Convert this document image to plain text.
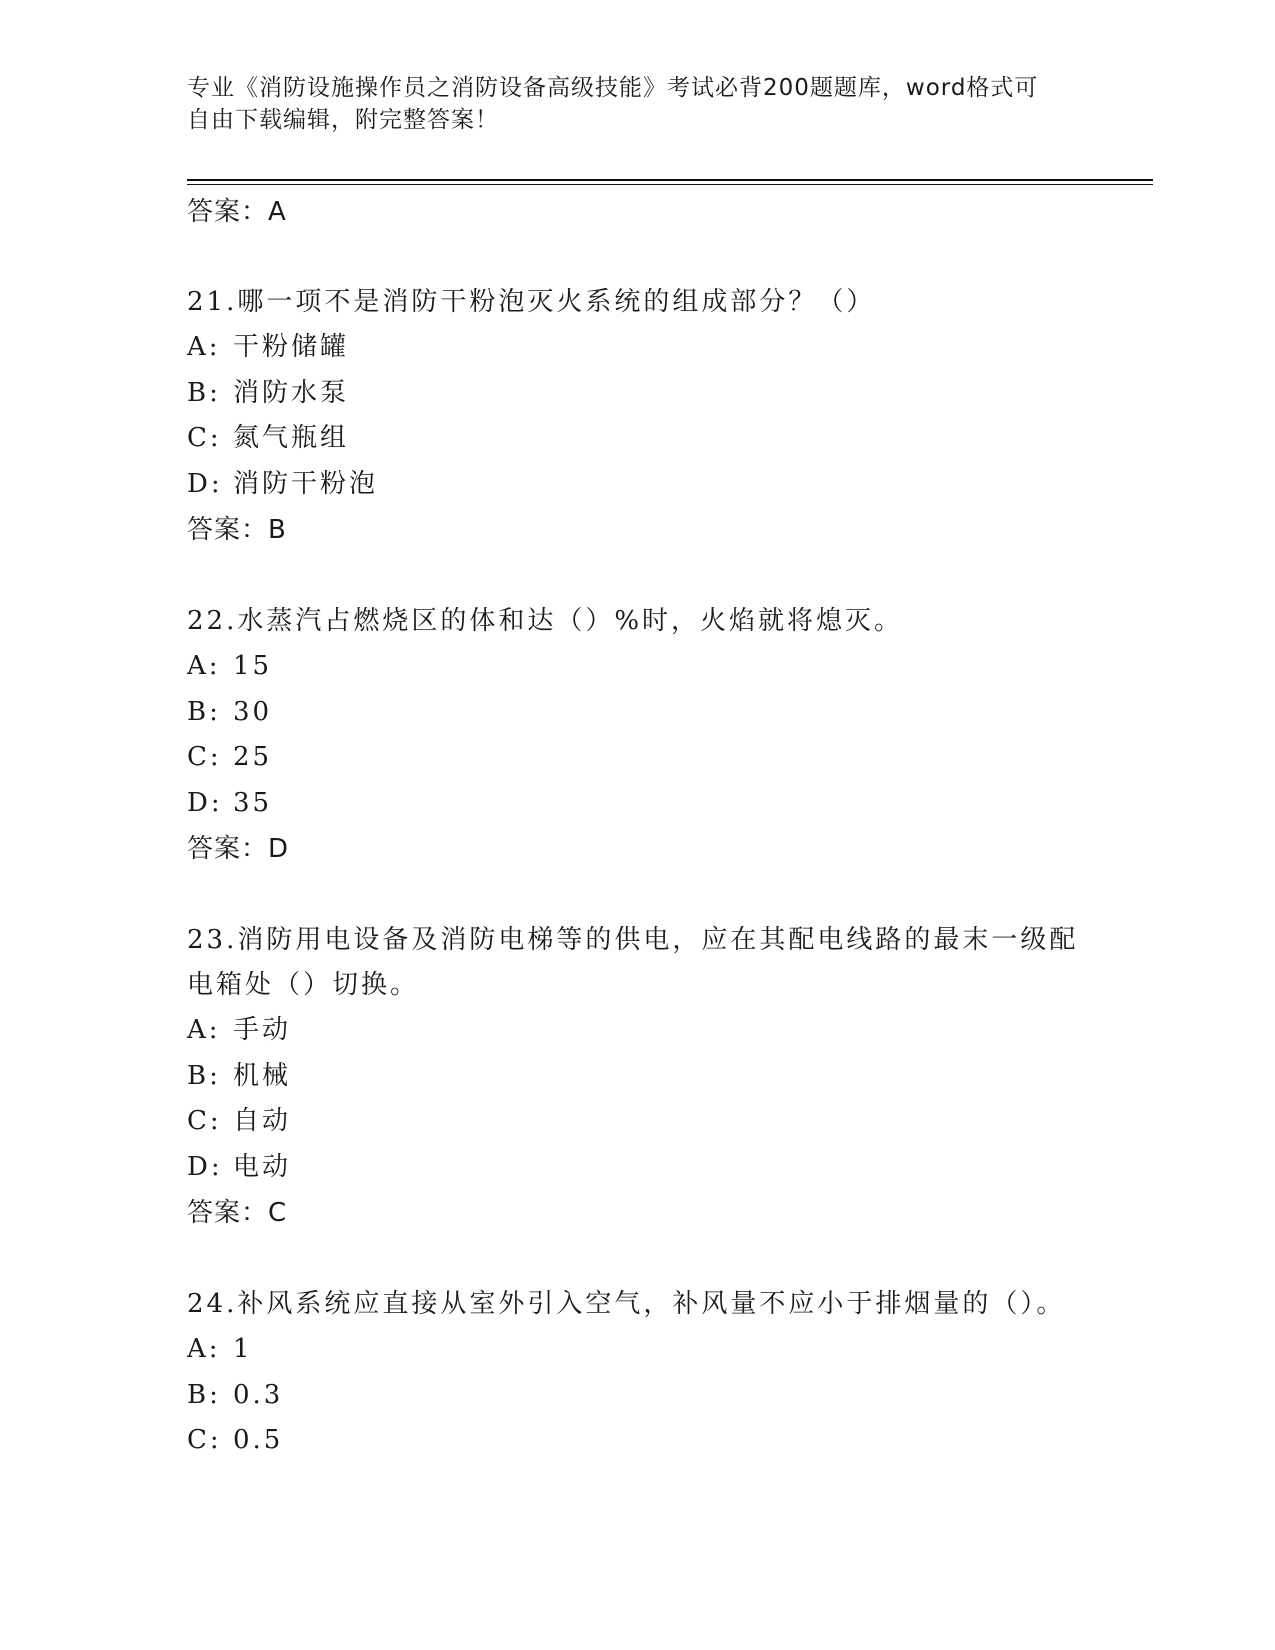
专业《消防设施操作员之消防设备高级技能》考试必背200题题库，word格式可
自由下载编辑，附完整答案！
答案：A
21.哪一项不是消防干粉泡灭火系统的组成部分？（）
A: 干粉储罐
B: 消防水泵
C: 氮气瓶组
D: 消防干粉泡
答案：B
22.水蒸汽占燃烧区的体和达（）%时，火焰就将熄灭。
A: 15
B: 30
C: 25
D: 35
答案：D
23.消防用电设备及消防电梯等的供电，应在其配电线路的最末一级配电箱处（）切换。
A: 手动
B: 机械
C: 自动
D: 电动
答案：C
24.补风系统应直接从室外引入空气，补风量不应小于排烟量的（）。
A: 1
B: 0.3
C: 0.5
